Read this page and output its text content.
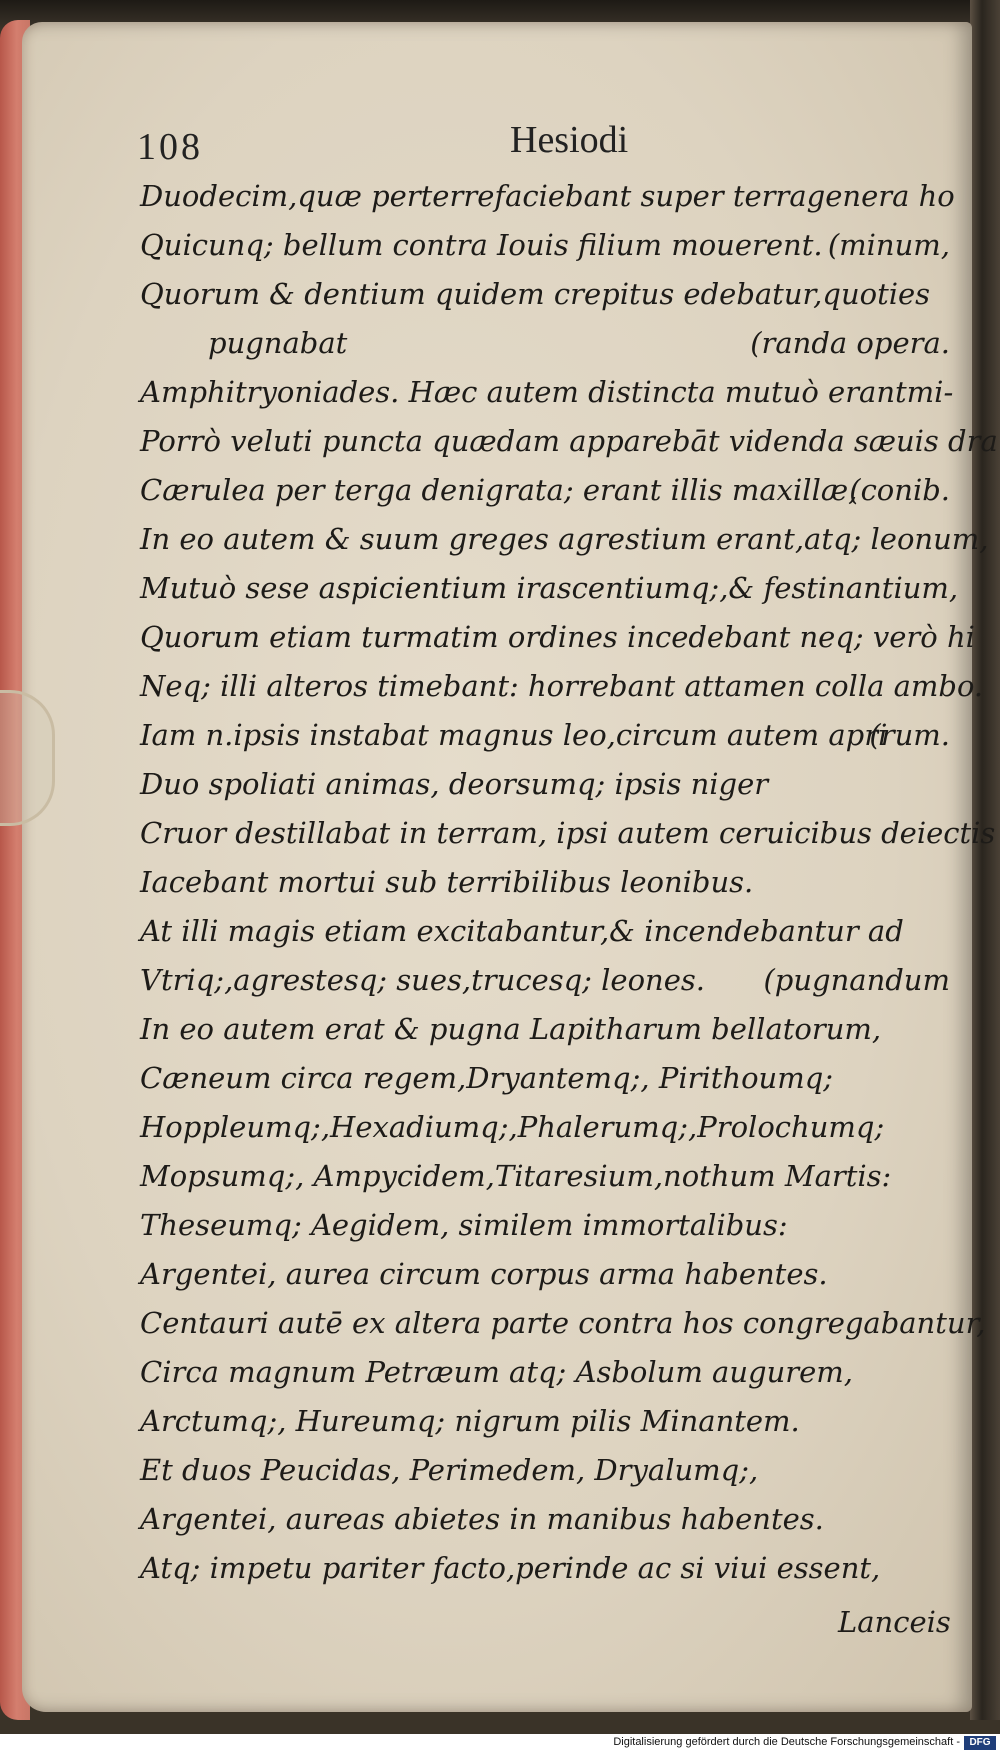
108	Hesiodi
Duodecim,quæ perterrefaciebant super terragenera ho
Quicunq; bellum contra Iouis filium mouerent. (minum,
Quorum & dentium quidem crepitus edebatur,quoties
pugnabat	(randa opera.
Amphitryoniades. Hæc autem distincta mutuò erantmi-
Porrò veluti puncta quædam apparebāt videnda sæuis dra
Cærulea per terga denigrata; erant illis maxillæ,
(conib.
In eo autem & suum greges agrestium erant,atq; leonum,
Mutuò sese aspicientium irascentiumq;,& festinantium,
Quorum etiam turmatim ordines incedebant neq; verò hi
Neq; illi alteros timebant: horrebant attamen colla ambo.
Iam n.ipsis instabat magnus leo,circum autem apri
(rum.
Duo spoliati animas, deorsumq; ipsis niger
Cruor destillabat in terram, ipsi autem ceruicibus deiectis
Iacebant mortui sub terribilibus leonibus.
At illi magis etiam excitabantur,& incendebantur ad
Vtriq;,agrestesq; sues,trucesq; leones. (pugnandum
In eo autem erat & pugna Lapitharum bellatorum,
Cæneum circa regem,Dryantemq;, Pirithoumq;
Hoppleumq;,Hexadiumq;,Phalerumq;,Prolochumq;
Mopsumq;, Ampycidem,Titaresium,nothum Martis:
Theseumq; Aegidem, similem immortalibus:
Argentei, aurea circum corpus arma habentes.
Centauri autē ex altera parte contra hos congregabantur,
Circa magnum Petræum atq; Asbolum augurem,
Arctumq;, Hureumq; nigrum pilis Minantem.
Et duos Peucidas, Perimedem, Dryalumq;,
Argentei, aureas abietes in manibus habentes.
Atq; impetu pariter facto,perinde ac si viui essent,
Lanceis
Digitalisierung gefördert durch die Deutsche Forschungsgemeinschaft - DFG
